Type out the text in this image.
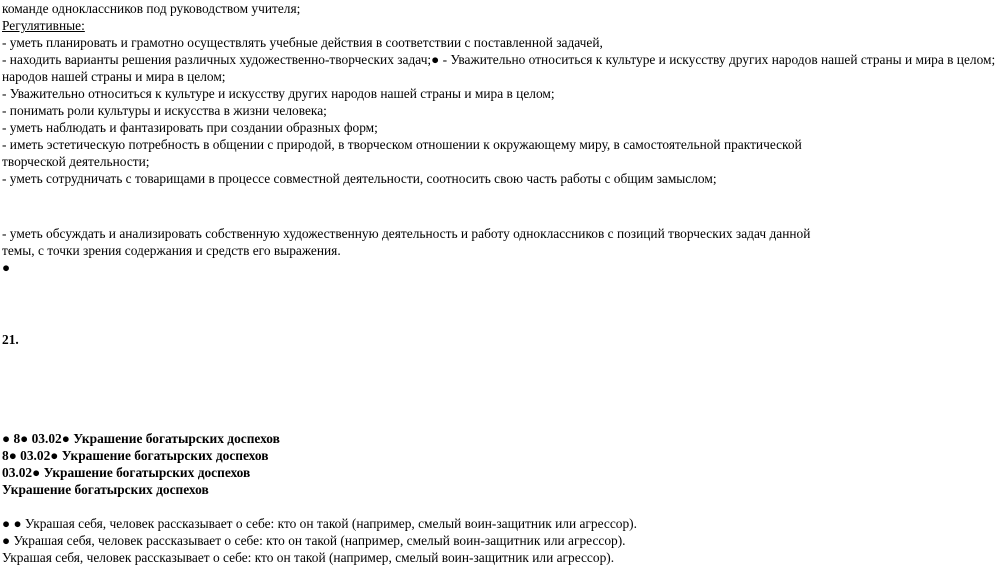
команде одноклассников под руководством учителя;
Регулятивные:
- уметь планировать и грамотно осуществлять учебные действия в соответствии с поставленной задачей,
- находить варианты решения различных художественно-творческих задач;● - Уважительно относиться к культуре и искусству других народов нашей страны и мира в целом;
народов нашей страны и мира в целом;
- Уважительно относиться к культуре и искусству других народов нашей страны и мира в целом;
- понимать роли культуры и искусства в жизни человека;
- уметь наблюдать и фантазировать при создании образных форм;
- иметь эстетическую потребность в общении с природой, в творческом отношении к окружающему миру, в самостоятельной практической творческой деятельности;
- уметь сотрудничать с товарищами в процессе совместной деятельности, соотносить свою часть работы с общим замыслом;
- уметь обсуждать и анализировать собственную художественную деятельность и работу одноклассников с позиций творческих задач данной темы, с точки зрения содержания и средств его выражения.
●
21.
● 8● 03.02● Украшение богатырских доспехов
8● 03.02● Украшение богатырских доспехов
03.02● Украшение богатырских доспехов
Украшение богатырских доспехов
● ● Украшая себя, человек рассказывает о себе: кто он такой (например, смелый воин-защитник или агрессор).
● Украшая себя, человек рассказывает о себе: кто он такой (например, смелый воин-защитник или агрессор).
Украшая себя, человек рассказывает о себе: кто он такой (например, смелый воин-защитник или агрессор).
